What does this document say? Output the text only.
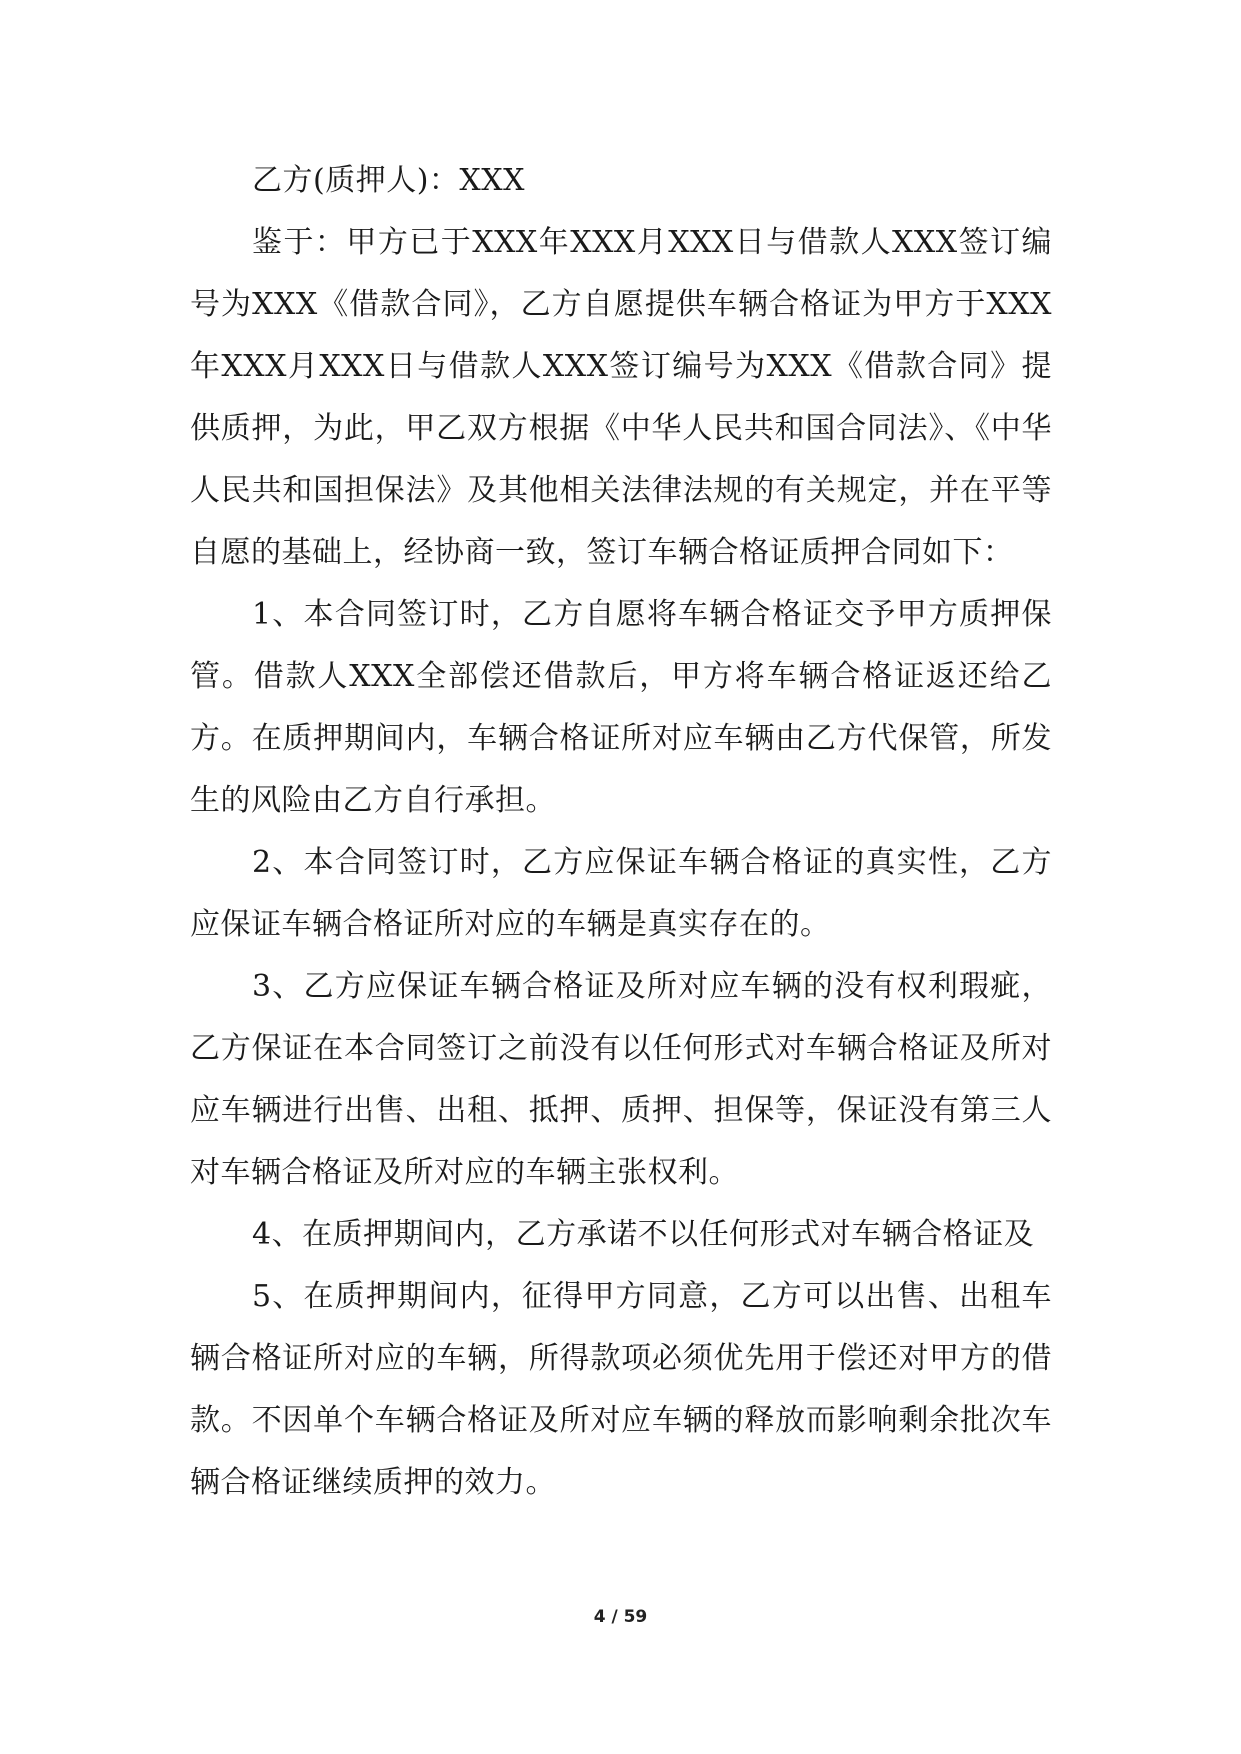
乙方(质押人)：XXX

鉴于：甲方已于XXX年XXX月XXX日与借款人XXX签订编号为XXX《借款合同》，乙方自愿提供车辆合格证为甲方于XXX年XXX月XXX日与借款人XXX签订编号为XXX《借款合同》提供质押，为此，甲乙双方根据《中华人民共和国合同法》、《中华人民共和国担保法》及其他相关法律法规的有关规定，并在平等自愿的基础上，经协商一致，签订车辆合格证质押合同如下：

1、本合同签订时，乙方自愿将车辆合格证交予甲方质押保管。借款人XXX全部偿还借款后，甲方将车辆合格证返还给乙方。在质押期间内，车辆合格证所对应车辆由乙方代保管，所发生的风险由乙方自行承担。

2、本合同签订时，乙方应保证车辆合格证的真实性，乙方应保证车辆合格证所对应的车辆是真实存在的。

3、乙方应保证车辆合格证及所对应车辆的没有权利瑕疵，乙方保证在本合同签订之前没有以任何形式对车辆合格证及所对应车辆进行出售、出租、抵押、质押、担保等，保证没有第三人对车辆合格证及所对应的车辆主张权利。

4、在质押期间内，乙方承诺不以任何形式对车辆合格证及

5、在质押期间内，征得甲方同意，乙方可以出售、出租车辆合格证所对应的车辆，所得款项必须优先用于偿还对甲方的借款。不因单个车辆合格证及所对应车辆的释放而影响剩余批次车辆合格证继续质押的效力。

4 / 59
